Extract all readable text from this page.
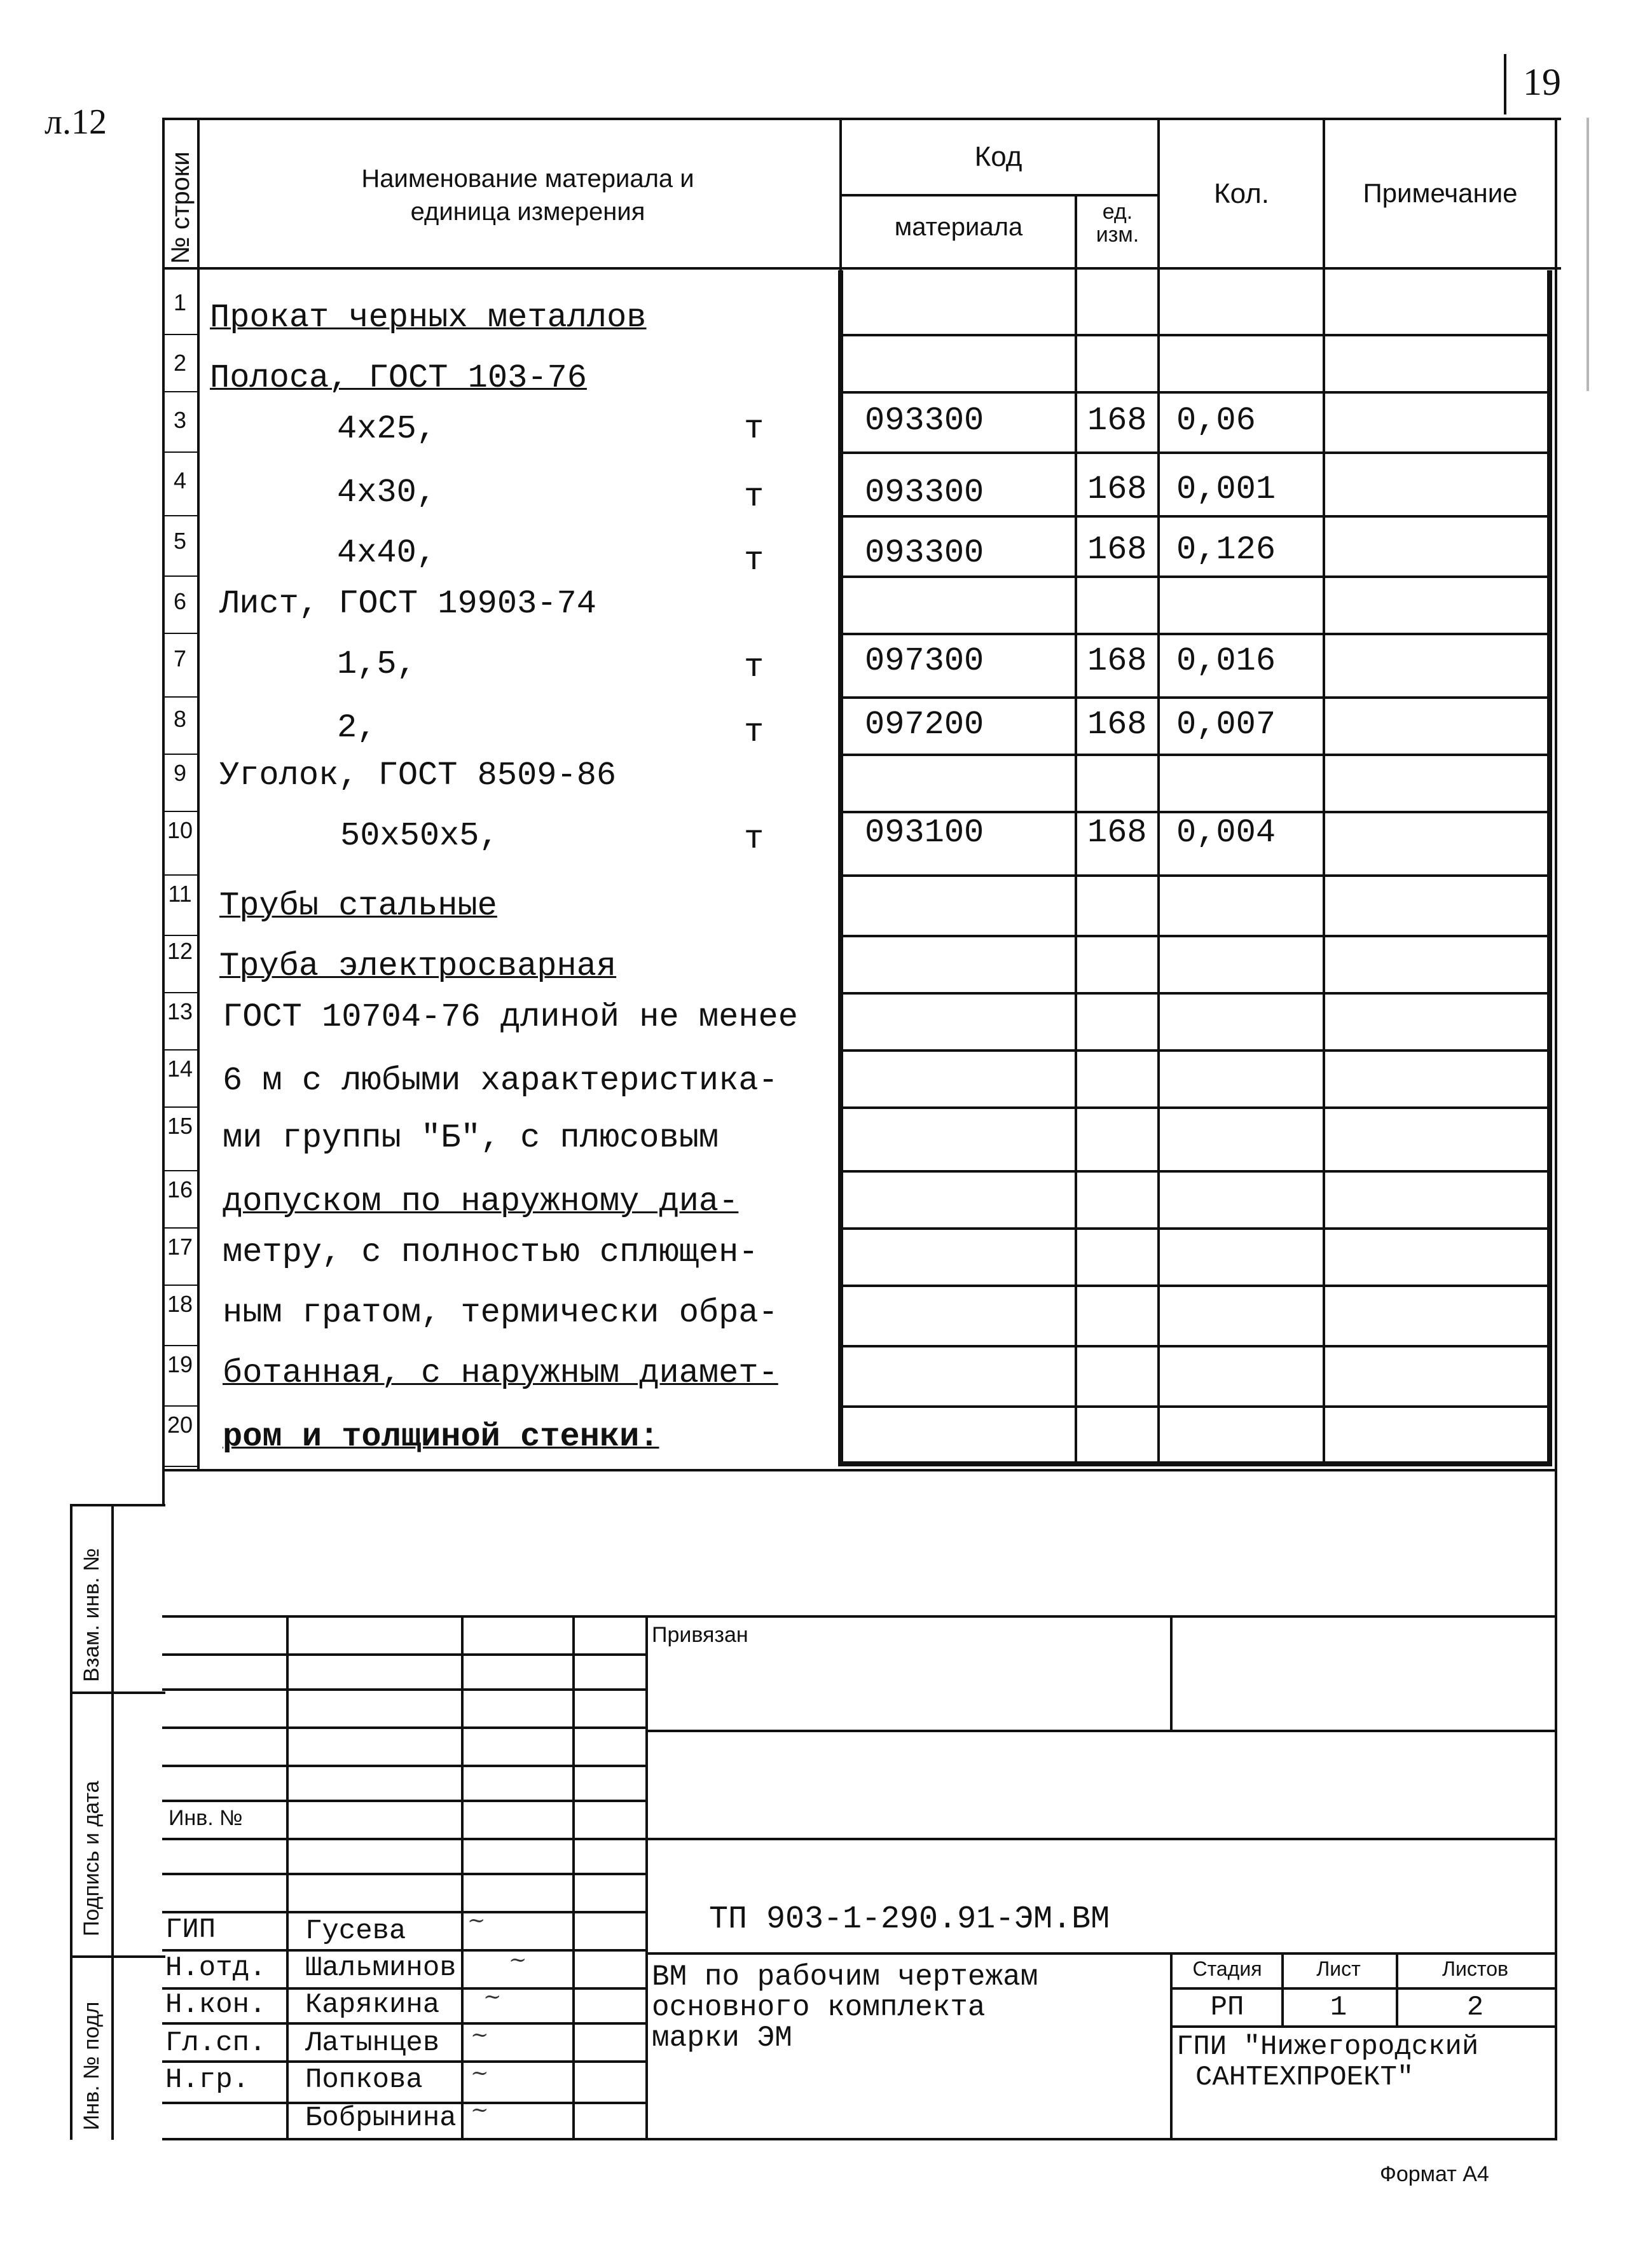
л.12
19
№ строки	Наименование материала и
единица измерения
Код
материала
ед. изм.
Кол.	Примечание
1 Прокат черных металлов
2 Полоса, ГОСТ 103-76
3	4х25,	т	093300	168 0,06
4	4х30,	т	093300	168 0,001
5	4х40,	т	093300	168 0,126
6 Лист, ГОСТ 19903-74
7	1,5,	т	097300	168 0,016
8	2,	т	097200	168 0,007
9 Уголок, ГОСТ 8509-86
10	50х50х5,	т	093100	168 0,004
11 Трубы стальные
12 Труба электросварная
13 ГОСТ 10704-76 длиной не менее
14 6 м с любыми характеристика-
15 ми группы "Б", с плюсовым
16 допуском по наружному диа-
17 метру, с полностью сплющен-
18 ным гратом, термически обра-
19 ботанная, с наружным диамет-
20 ром и толщиной стенки:
Взам. инв. №
Подпись и дата
Инв. № подл
Привязан
Инв. №
ТП 903-1-290.91-ЭМ.ВМ
ВМ по рабочим чертежам
основного комплекта
марки ЭМ
Стадия	Лист	Листов
РП	1	2
ГПИ "Нижегородский
САНТЕХПРОЕКТ"
ГИП	Гусева	~
Н.отд. Шальминов ~
Н.кон. Карякина ~
Гл.сп. Латынцев ~
Н.гр. Попкова ~
Бобрынина ~
Формат А4
